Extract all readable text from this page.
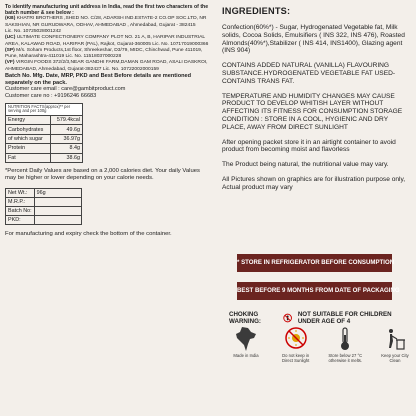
To identify manufacturing unit address in India, read the first two characters of the batch number & see below :

(KB) KHATRI BROTHERS ,SHED NO. C/28, ADARSH IND.ESTATE-2 CO.OP SOC.LTD, NR SAKSHIAN, NR GURUDWARA, ODHAV, AHMEDABAD , Ahmedabad, Gujarat - 382415

Lic. No. 10725028001242

(UC) ULTIMATE CONFECTIONERY COMPANY PLOT NO. 21 A, B, HARIPAR INDUSTRIAL AREA, KALAWAD ROAD, HARIPAR (PAL), Rajkot, Gujarat-360005 Lic. No. 10717019000366

(SP) M/s. Soham Products,1st floor, Shreekeshar, D3/79, MIDC, Chinchwad, Pune 411019, Pune, Maharashtra-411019 Lic. No. 11518037000228

(VF) VIRGIN FOODS 372/2/3,NEAR GANDHI FARM,DAMAN GAM ROAD, ASALI DASKROI, AHMEDABAD, Ahmedabad, Gujarat-382427 Lic. No. 10722002000159

Batch No. Mfg. Date, MRP, PKD and Best Before details are mentioned separately on the pack.
Customer care email : care@gambitproduct.com
Customer care no : +9196246 66683
NUTRITION FACTS(approx)** per serving and per 100g	
Energy	579.4kcal
Carbohydrates	49.6g
of which sugar	36.97g
Protein	8.4g
Fat	38.6g
*Percent Daily Values are based on a 2,000 calories diet. Your daily Values may be higher or lower depending on your calorie needs.
Net Wt.:	96g
M.R.P.:	
Batch No:	
PKD:	
For manufacturing and expiry check the bottom of the container.
INGREDIENTS:

Confection(60%*) - Sugar, Hydrogenated Vegetable fat, Milk solids, Cocoa Solids, Emulsifiers ( INS 322, INS 476), Roasted Almonds(40%*),Stabilizer ( INS 414, INS1400), Glazing agent (INS 904)

CONTAINS ADDED NATURAL (VANILLA) FLAVOURING SUBSTANCE.HYDROGENATED VEGETABLE FAT USED-CONTAINS TRANS FAT.

TEMPERATURE AND HUMIDITY CHANGES MAY CAUSE PRODUCT TO DEVELOP WHITISH LAYER WITHOUT AFFECTING ITS FITNESS FOR CONSUMPTION STORAGE CONDITION : STORE IN A COOL, HYGIENIC AND DRY PLACE, AWAY FROM DIRECT SUNLIGHT

After opening packet store it in an airtight container to avoid product from becoming moist and flavorless

The Product being natural, the nutritional value may vary.

All Pictures shown on graphics are for illustration purpose only, Actual product may vary

* STORE IN REFRIGERATOR BEFORE CONSUMPTION
BEST BEFORE 9 MONTHS FROM DATE OF PACKAGING
CHOKING WARNING:
NOT SUITABLE FOR CHILDREN UNDER AGE OF 4
Made in India	Do not keep in Direct Sunlight
Store below 27 °C otherwise it melts.
Keep your City Clean
